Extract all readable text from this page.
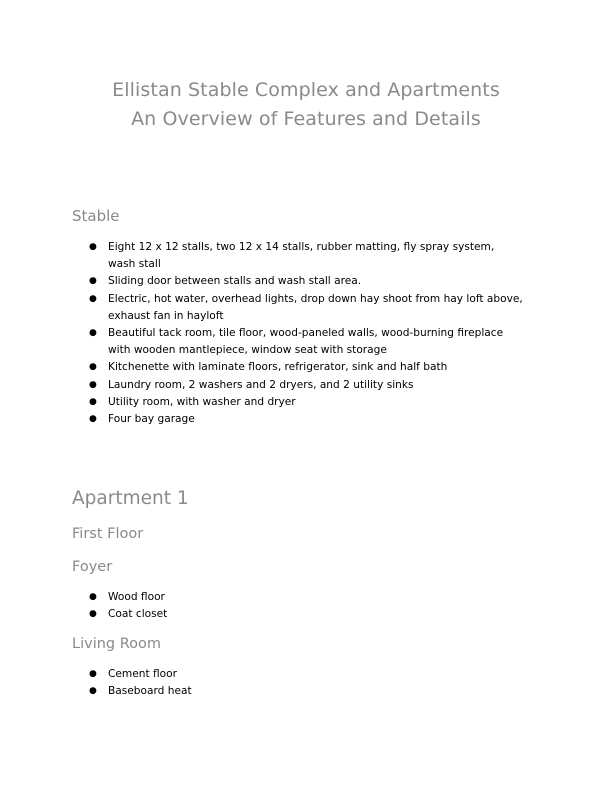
Ellistan Stable Complex and Apartments
An Overview of Features and Details
Stable
● Eight 12 x 12 stalls, two 12 x 14 stalls, rubber matting, fly spray system, wash stall
● Sliding door between stalls and wash stall area.
● Electric, hot water, overhead lights, drop down hay shoot from hay loft above, exhaust fan in hayloft
● Beautiful tack room, tile floor, wood-paneled walls, wood-burning fireplace with wooden mantlepiece, window seat with storage
● Kitchenette with laminate floors, refrigerator, sink and half bath
● Laundry room, 2 washers and 2 dryers, and 2 utility sinks
● Utility room, with washer and dryer
● Four bay garage
Apartment 1
First Floor
Foyer
● Wood floor
● Coat closet
Living Room
● Cement floor
● Baseboard heat
